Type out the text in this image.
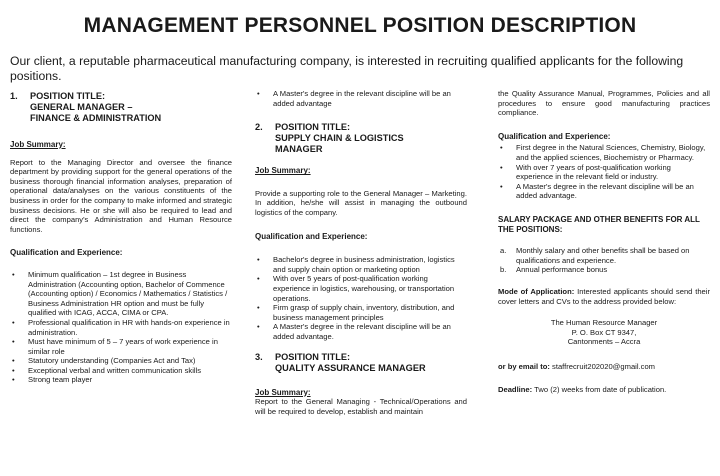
MANAGEMENT PERSONNEL POSITION DESCRIPTION
Our client, a reputable pharmaceutical manufacturing company, is interested in recruiting qualified applicants for the following positions.
1.	POSITION TITLE:
GENERAL MANAGER –
FINANCE & ADMINISTRATION
Job Summary:
Report to the Managing Director and oversee the finance department by providing support for the general operations of the business thorough financial information analyses, preparation of operational data/analyses on the various constituents of the business in order for the company to make informed and strategic business decisions. He or she will also be required to lead and direct the company's Administration and Human Resource functions.
Qualification and Experience:
• Minimum qualification – 1st degree in Business Administration (Accounting option, Bachelor of Commence (Accounting option) / Economics / Mathematics / Statistics / Business Administration HR option and must be fully qualified with ICAG, ACCA, CIMA or CPA.
• Professional qualification in HR with hands-on experience in administration.
• Must have minimum of 5 – 7 years of work experience in similar role
• Statutory understanding (Companies Act and Tax)
• Exceptional verbal and written communication skills
• Strong team player
• A Master's degree in the relevant discipline will be an added advantage
2.	POSITION TITLE:
SUPPLY CHAIN & LOGISTICS
MANAGER
Job Summary:
Provide a supporting role to the General Manager – Marketing. In addition, he/she will assist in managing the outbound logistics of the company.
Qualification and Experience:
• Bachelor's degree in business administration, logistics and supply chain option or marketing option
• With over 5 years of post-qualification working experience in logistics, warehousing, or transportation operations.
• Firm grasp of supply chain, inventory, distribution, and business management principles
• A Master's degree in the relevant discipline will be an added advantage.
3.	POSITION TITLE:
QUALITY ASSURANCE MANAGER
Job Summary:
Report to the General Managing - Technical/Operations and will be required to develop, establish and maintain
the Quality Assurance Manual, Programmes, Policies and all procedures to ensure good manufacturing practices compliance.
Qualification and Experience:
• First degree in the Natural Sciences, Chemistry, Biology, and the applied sciences, Biochemistry or Pharmacy.
• With over 7 years of post-qualification working experience in the relevant field or industry.
• A Master's degree in the relevant discipline will be an added advantage.
SALARY PACKAGE AND OTHER BENEFITS FOR ALL THE POSITIONS:
a. Monthly salary and other benefits shall be based on qualifications and experience.
b. Annual performance bonus
Mode of Application: Interested applicants should send their cover letters and CVs to the address provided below:
The Human Resource Manager
P. O. Box CT 9347,
Cantonments – Accra
or by email to: staffrecruit202020@gmail.com
Deadline: Two (2) weeks from date of publication.
